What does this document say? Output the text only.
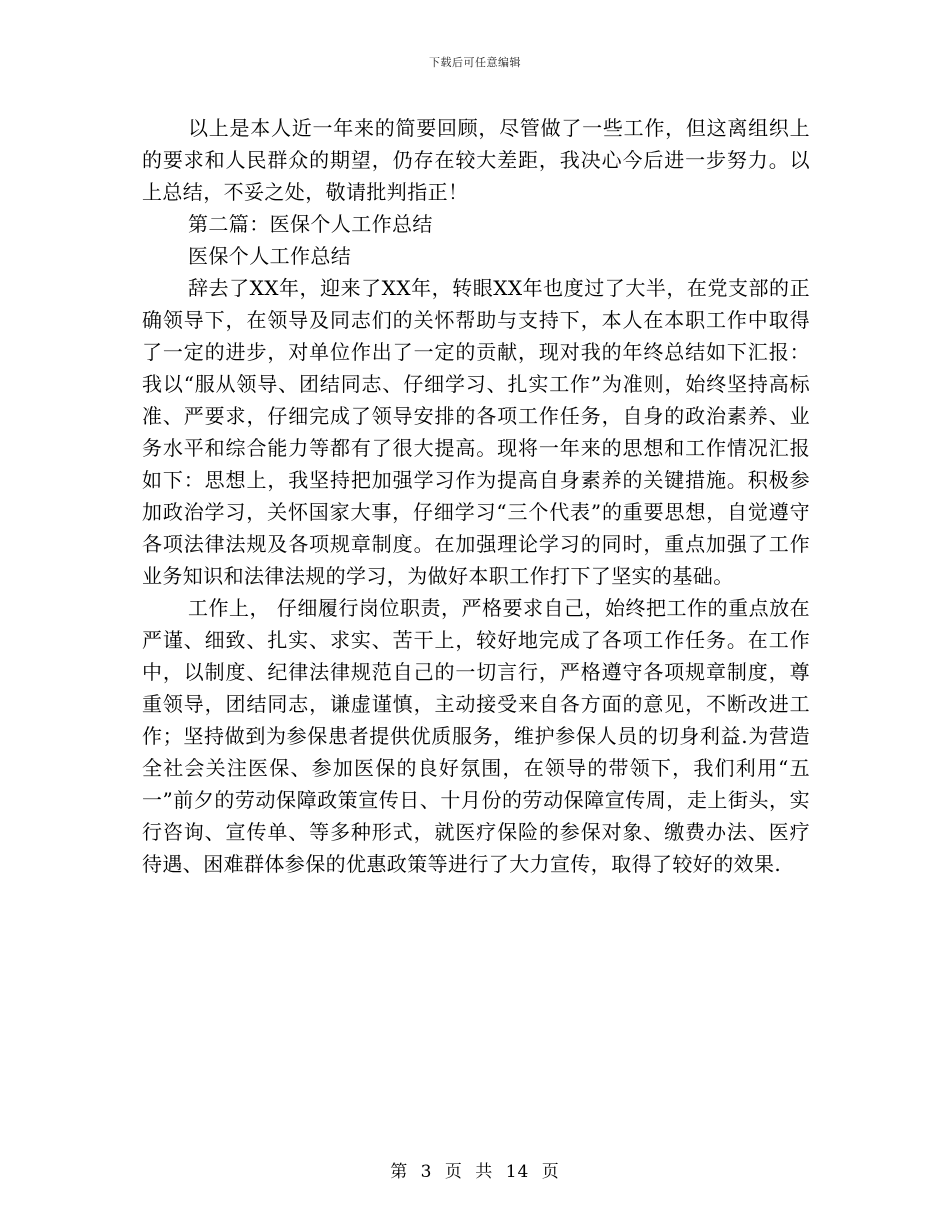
下载后可任意编辑

以上是本人近一年来的简要回顾，尽管做了一些工作，但这离组织上的要求和人民群众的期望，仍存在较大差距，我决心今后进一步努力。以上总结，不妥之处，敬请批判指正！

第二篇：医保个人工作总结

医保个人工作总结

辞去了XX年，迎来了XX年，转眼XX年也度过了大半，在党支部的正确领导下，在领导及同志们的关怀帮助与支持下，本人在本职工作中取得了一定的进步，对单位作出了一定的贡献，现对我的年终总结如下汇报：我以“服从领导、团结同志、仔细学习、扎实工作”为准则，始终坚持高标准、严要求，仔细完成了领导安排的各项工作任务，自身的政治素养、业务水平和综合能力等都有了很大提高。现将一年来的思想和工作情况汇报如下：思想上，我坚持把加强学习作为提高自身素养的关键措施。积极参加政治学习，关怀国家大事，仔细学习“三个代表”的重要思想，自觉遵守各项法律法规及各项规章制度。在加强理论学习的同时，重点加强了工作业务知识和法律法规的学习，为做好本职工作打下了坚实的基础。

工作上， 仔细履行岗位职责，严格要求自己，始终把工作的重点放在严谨、细致、扎实、求实、苦干上，较好地完成了各项工作任务。在工作中，以制度、纪律法律规范自己的一切言行，严格遵守各项规章制度，尊重领导，团结同志，谦虚谨慎，主动接受来自各方面的意见，不断改进工作；坚持做到为参保患者提供优质服务，维护参保人员的切身利益.为营造全社会关注医保、参加医保的良好氛围，在领导的带领下，我们利用“五一”前夕的劳动保障政策宣传日、十月份的劳动保障宣传周，走上街头，实行咨询、宣传单、等多种形式，就医疗保险的参保对象、缴费办法、医疗待遇、困难群体参保的优惠政策等进行了大力宣传，取得了较好的效果.

第 3 页 共 14 页
